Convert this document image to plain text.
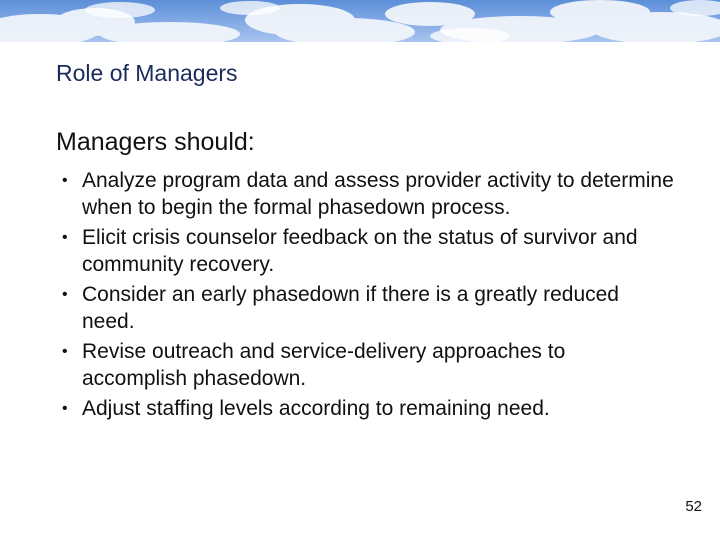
Role of Managers
Managers should:
• Analyze program data and assess provider activity to determine when to begin the formal phasedown process.
• Elicit crisis counselor feedback on the status of survivor and community recovery.
• Consider an early phasedown if there is a greatly reduced need.
• Revise outreach and service-delivery approaches to accomplish phasedown.
• Adjust staffing levels according to remaining need.
52
